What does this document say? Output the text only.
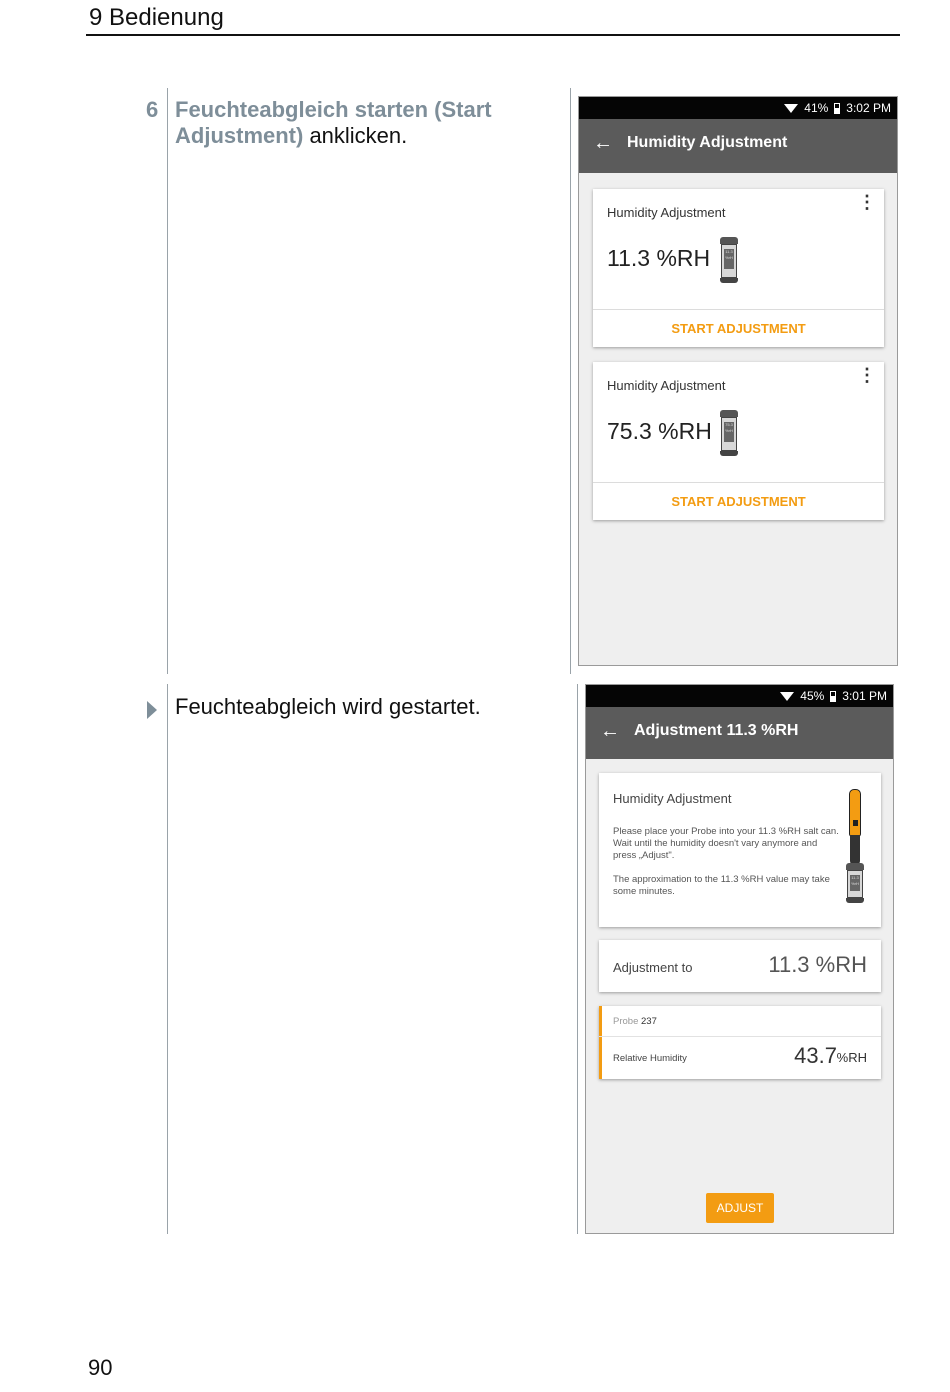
9 Bedienung
6 Feuchteabgleich starten (Start Adjustment) anklicken.
Feuchteabgleich wird gestartet.
41% 3:02 PM
← Humidity Adjustment
Humidity Adjustment
⋮
11.3 %RH	11.3 %rH
START ADJUSTMENT
Humidity Adjustment
⋮
75.3 %RH	75.3 %rH
START ADJUSTMENT
45% 3:01 PM
← Adjustment 11.3 %RH
Humidity Adjustment
Please place your Probe into your 11.3 %RH salt can. Wait until the humidity doesn't vary anymore and press „Adjust".
The approximation to the 11.3 %RH value may take some minutes.
11.3 %rH
Adjustment to	11.3 %RH
Probe 237
Relative Humidity	43.7 %RH
ADJUST
90
